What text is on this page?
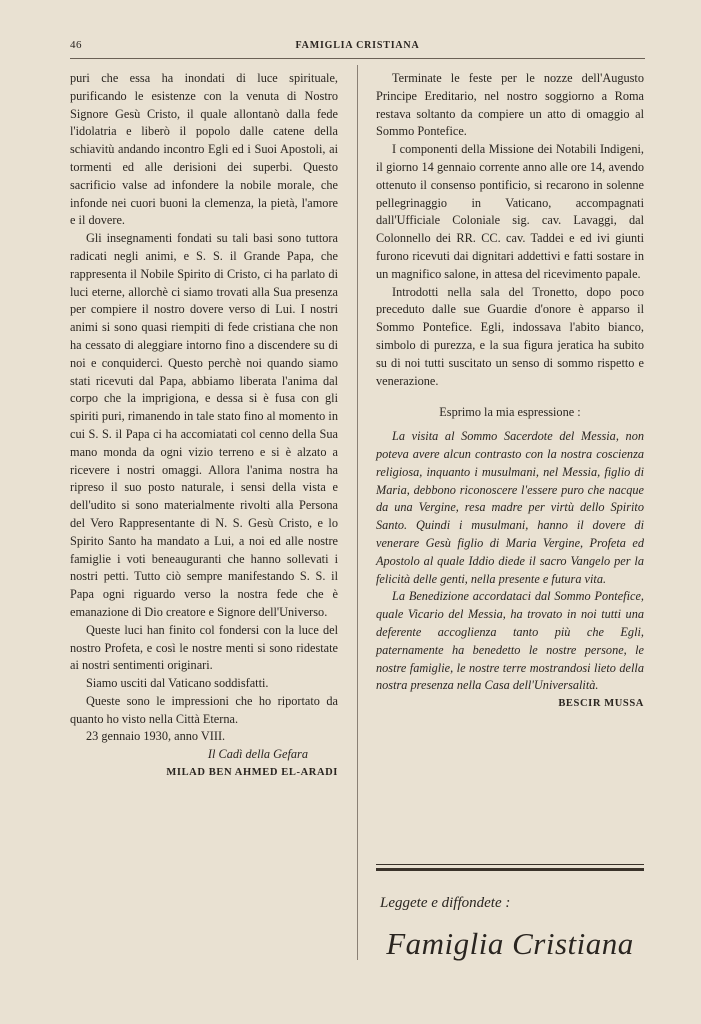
46	FAMIGLIA CRISTIANA

puri che essa ha inondati di luce spirituale, purificando le esistenze con la venuta di Nostro Signore Gesù Cristo, il quale allontanò dalla fede l'idolatria e liberò il popolo dalle catene della schiavitù andando incontro Egli ed i Suoi Apostoli, ai tormenti ed alle derisioni dei superbi. Questo sacrificio valse ad infondere la nobile morale, che infonde nei cuori buoni la clemenza, la pietà, l'amore e il dovere.

Gli insegnamenti fondati su tali basi sono tuttora radicati negli animi, e S. S. il Grande Papa, che rappresenta il Nobile Spirito di Cristo, ci ha parlato di luci eterne, allorchè ci siamo trovati alla Sua presenza per compiere il nostro dovere verso di Lui. I nostri animi si sono quasi riempiti di fede cristiana che non ha cessato di aleggiare intorno fino a discendere su di noi e conquiderci. Questo perchè noi quando siamo stati ricevuti dal Papa, abbiamo liberata l'anima dal corpo che la imprigiona, e dessa si è fusa con gli spiriti puri, rimanendo in tale stato fino al momento in cui S. S. il Papa ci ha accomiatati col cenno della Sua mano monda da ogni vizio terreno e si è alzato a ricevere i nostri omaggi. Allora l'anima nostra ha ripreso il suo posto naturale, i sensi della vista e dell'udito si sono materialmente rivolti alla Persona del Vero Rappresentante di N. S. Gesù Cristo, e lo Spirito Santo ha mandato a Lui, a noi ed alle nostre famiglie i voti beneauguranti che hanno sollevati i nostri petti. Tutto ciò sempre manifestando S. S. il Papa ogni riguardo verso la nostra fede che è emanazione di Dio creatore e Signore dell'Universo.

Queste luci han finito col fondersi con la luce del nostro Profeta, e così le nostre menti si sono ridestate ai nostri sentimenti originari.

Siamo usciti dal Vaticano soddisfatti.

Queste sono le impressioni che ho riportato da quanto ho visto nella Città Eterna.

23 gennaio 1930, anno VIII.

Il Cadì della Gefara

MILAD BEN AHMED EL-ARADI

Terminate le feste per le nozze dell'Augusto Principe Ereditario, nel nostro soggiorno a Roma restava soltanto da compiere un atto di omaggio al Sommo Pontefice.

I componenti della Missione dei Notabili Indigeni, il giorno 14 gennaio corrente anno alle ore 14, avendo ottenuto il consenso pontificio, si recarono in solenne pellegrinaggio in Vaticano, accompagnati dall'Ufficiale Coloniale sig. cav. Lavaggi, dal Colonnello dei RR. CC. cav. Taddei e ed ivi giunti furono ricevuti dai dignitari addettivi e fatti sostare in un magnifico salone, in attesa del ricevimento papale.

Introdotti nella sala del Tronetto, dopo poco preceduto dalle sue Guardie d'onore è apparso il Sommo Pontefice. Egli, indossava l'abito bianco, simbolo di purezza, e la sua figura jeratica ha subito su di noi tutti suscitato un senso di sommo rispetto e venerazione.

Esprimo la mia espressione :

La visita al Sommo Sacerdote del Messia, non poteva avere alcun contrasto con la nostra coscienza religiosa, inquanto i musulmani, nel Messia, figlio di Maria, debbono riconoscere l'essere puro che nacque da una Vergine, resa madre per virtù dello Spirito Santo. Quindi i musulmani, hanno il dovere di venerare Gesù figlio di Maria Vergine, Profeta ed Apostolo al quale Iddio diede il sacro Vangelo per la felicità delle genti, nella presente e futura vita.

La Benedizione accordataci dal Sommo Pontefice, quale Vicario del Messia, ha trovato in noi tutti una deferente accoglienza tanto più che Egli, paternamente ha benedetto le nostre persone, le nostre famiglie, le nostre terre mostrandosi lieto della nostra presenza nella Casa dell'Universalità.

BESCIR MUSSA

Leggete e diffondete :
Famiglia Cristiana
